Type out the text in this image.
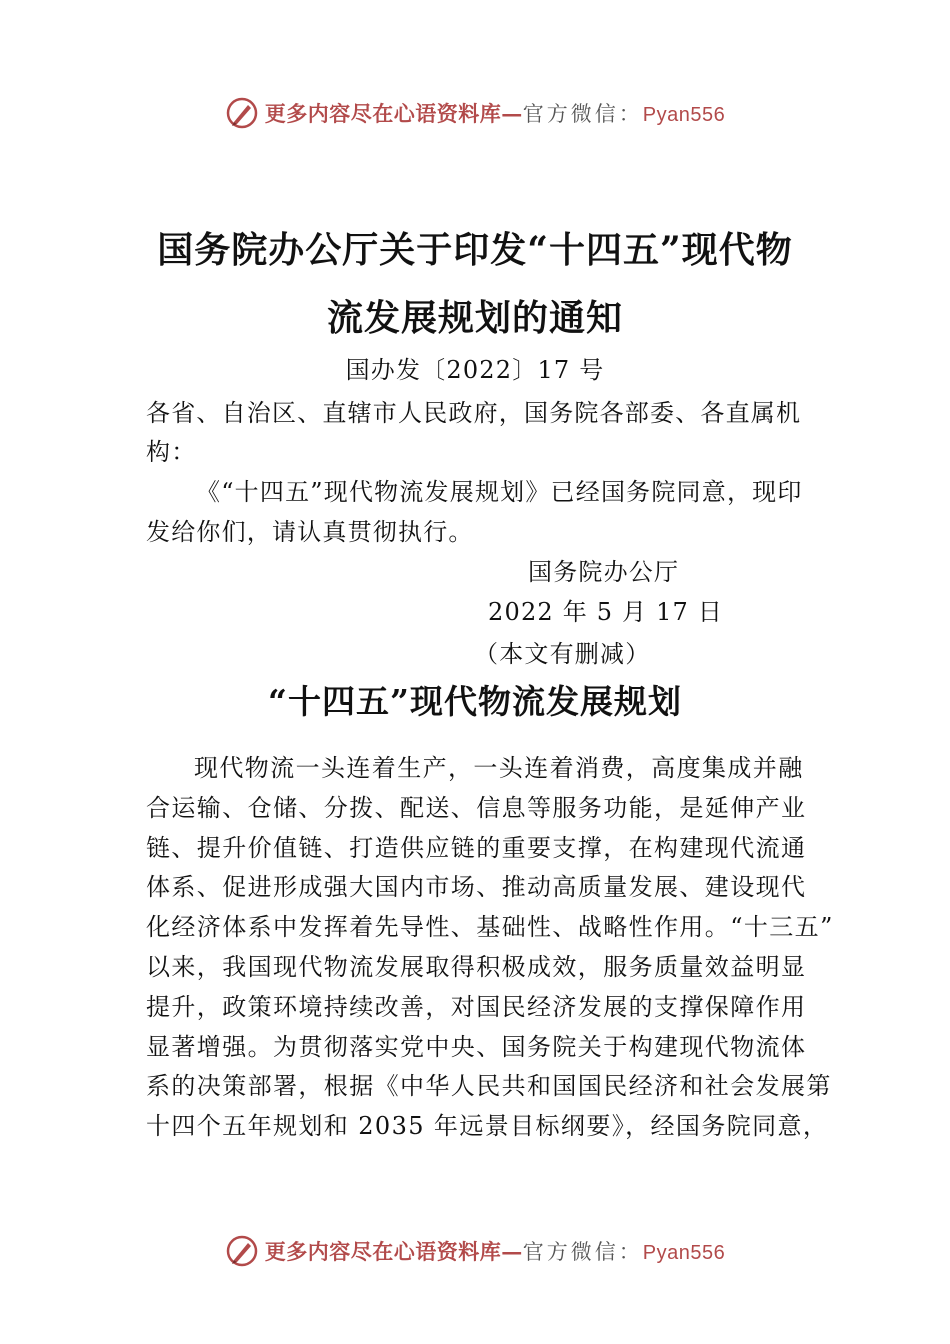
更多内容尽在心语资料库—官方微信：Pyan556
国务院办公厅关于印发“十四五”现代物
流发展规划的通知
国办发〔2022〕17 号
各省、自治区、直辖市人民政府，国务院各部委、各直属机
构：
《“十四五”现代物流发展规划》已经国务院同意，现印
发给你们，请认真贯彻执行。
国务院办公厅
2022 年 5 月 17 日
（本文有删减）
“十四五”现代物流发展规划
现代物流一头连着生产，一头连着消费，高度集成并融
合运输、仓储、分拨、配送、信息等服务功能，是延伸产业
链、提升价值链、打造供应链的重要支撑，在构建现代流通
体系、促进形成强大国内市场、推动高质量发展、建设现代
化经济体系中发挥着先导性、基础性、战略性作用。“十三五”
以来，我国现代物流发展取得积极成效，服务质量效益明显
提升，政策环境持续改善，对国民经济发展的支撑保障作用
显著增强。为贯彻落实党中央、国务院关于构建现代物流体
系的决策部署，根据《中华人民共和国国民经济和社会发展第
十四个五年规划和 2035 年远景目标纲要》，经国务院同意，
更多内容尽在心语资料库—官方微信：Pyan556
